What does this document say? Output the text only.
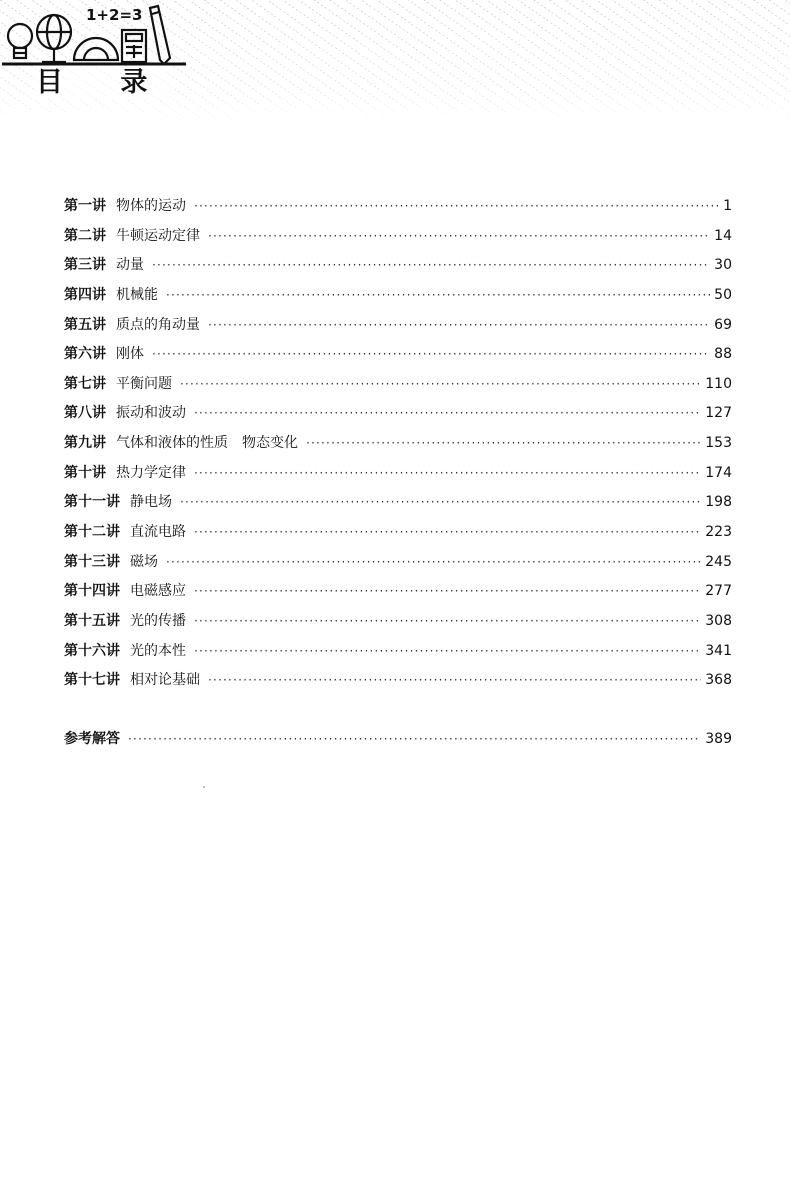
目 录
1+2=3
第一讲 物体的运动 ·····	1
第二讲 牛顿运动定律 ·····	14
第三讲 动量 ·····	30
第四讲 机械能 ·····	50
第五讲 质点的角动量 ·····	69
第六讲 刚体 ·····	88
第七讲 平衡问题 ·····	110
第八讲 振动和波动 ·····	127
第九讲 气体和液体的性质　物态变化 ·····	153
第十讲 热力学定律 ·····	174
第十一讲 静电场 ·····	198
第十二讲 直流电路 ·····	223
第十三讲 磁场 ·····	245
第十四讲 电磁感应 ·····	277
第十五讲 光的传播 ·····	308
第十六讲 光的本性 ·····	341
第十七讲 相对论基础 ·····	368
参考解答 ·····	389
